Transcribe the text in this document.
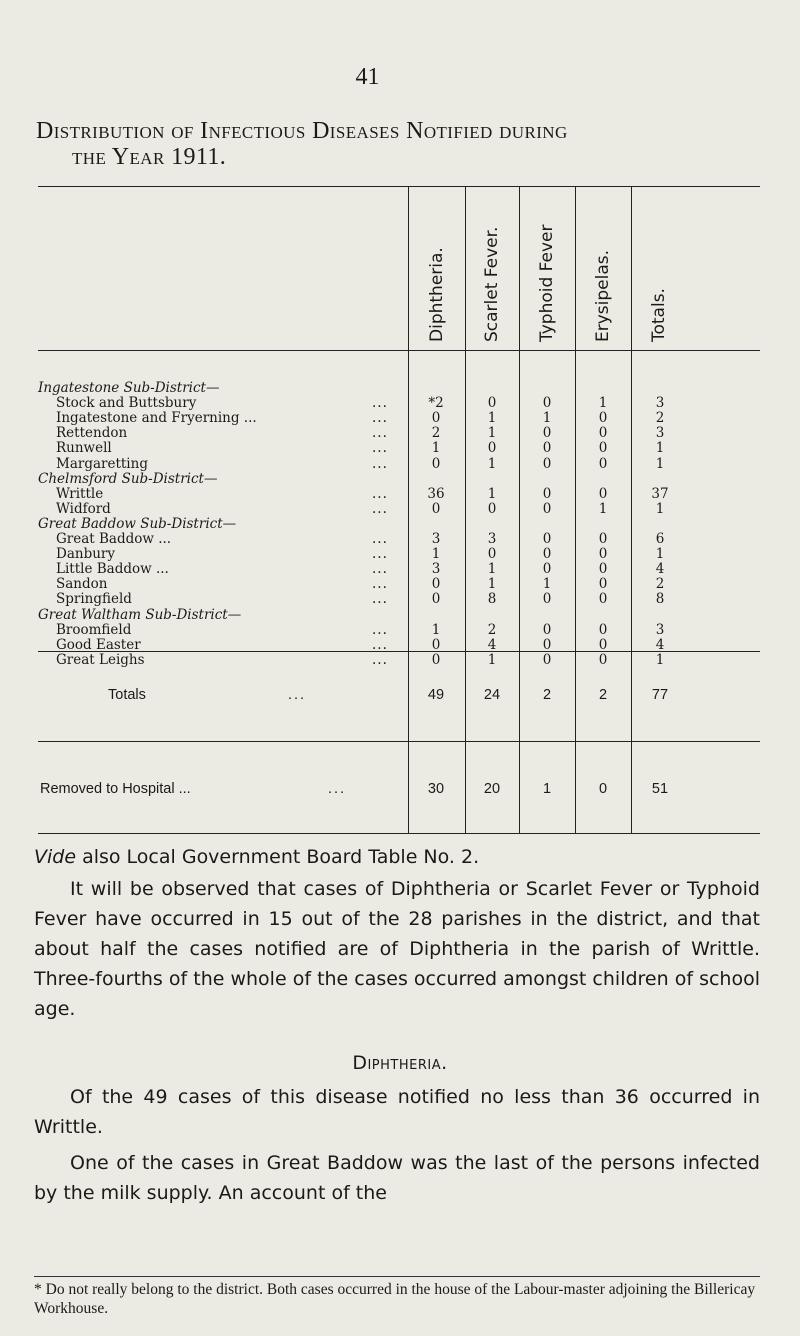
41
Distribution of Infectious Diseases Notified during
the Year 1911.
Diphtheria. Scarlet Fever. Typhoid Fever Erysipelas. Totals.
Ingatestone Sub-District—
Stock and Buttsbury	...	*2	0	0	1	3
Ingatestone and Fryerning ...	...	0	1	1	0	2
Rettendon	...	2	1	0	0	3
Runwell	...	1	0	0	0	1
Margaretting	...	0	1	0	0	1
Chelmsford Sub-District—
Writtle	...	36	1	0	0	37
Widford	...	0	0	0	1	1
Great Baddow Sub-District—
Great Baddow ...	...	3	3	0	0	6
Danbury	...	1	0	0	0	1
Little Baddow ...	...	3	1	0	0	4
Sandon	...	0	1	1	0	2
Springfield	...	0	8	0	0	8
Great Waltham Sub-District—
Broomfield	...	1	2	0	0	3
Good Easter	...	0	4	0	0	4
Great Leighs	...	0	1	0	0	1
Totals	...	49	24	2	2	77
Removed to Hospital ...	...	30	20	1	0	51
Vide also Local Government Board Table No. 2.
It will be observed that cases of Diphtheria or Scarlet Fever or Typhoid Fever have occurred in 15 out of the 28 parishes in the district, and that about half the cases notified are of Diphtheria in the parish of Writtle. Three-fourths of the whole of the cases occurred amongst children of school age.
Diphtheria.
Of the 49 cases of this disease notified no less than 36 occurred in Writtle.
One of the cases in Great Baddow was the last of the persons infected by the milk supply. An account of the
* Do not really belong to the district. Both cases occurred in the house of the Labour-master adjoining the Billericay Workhouse.
